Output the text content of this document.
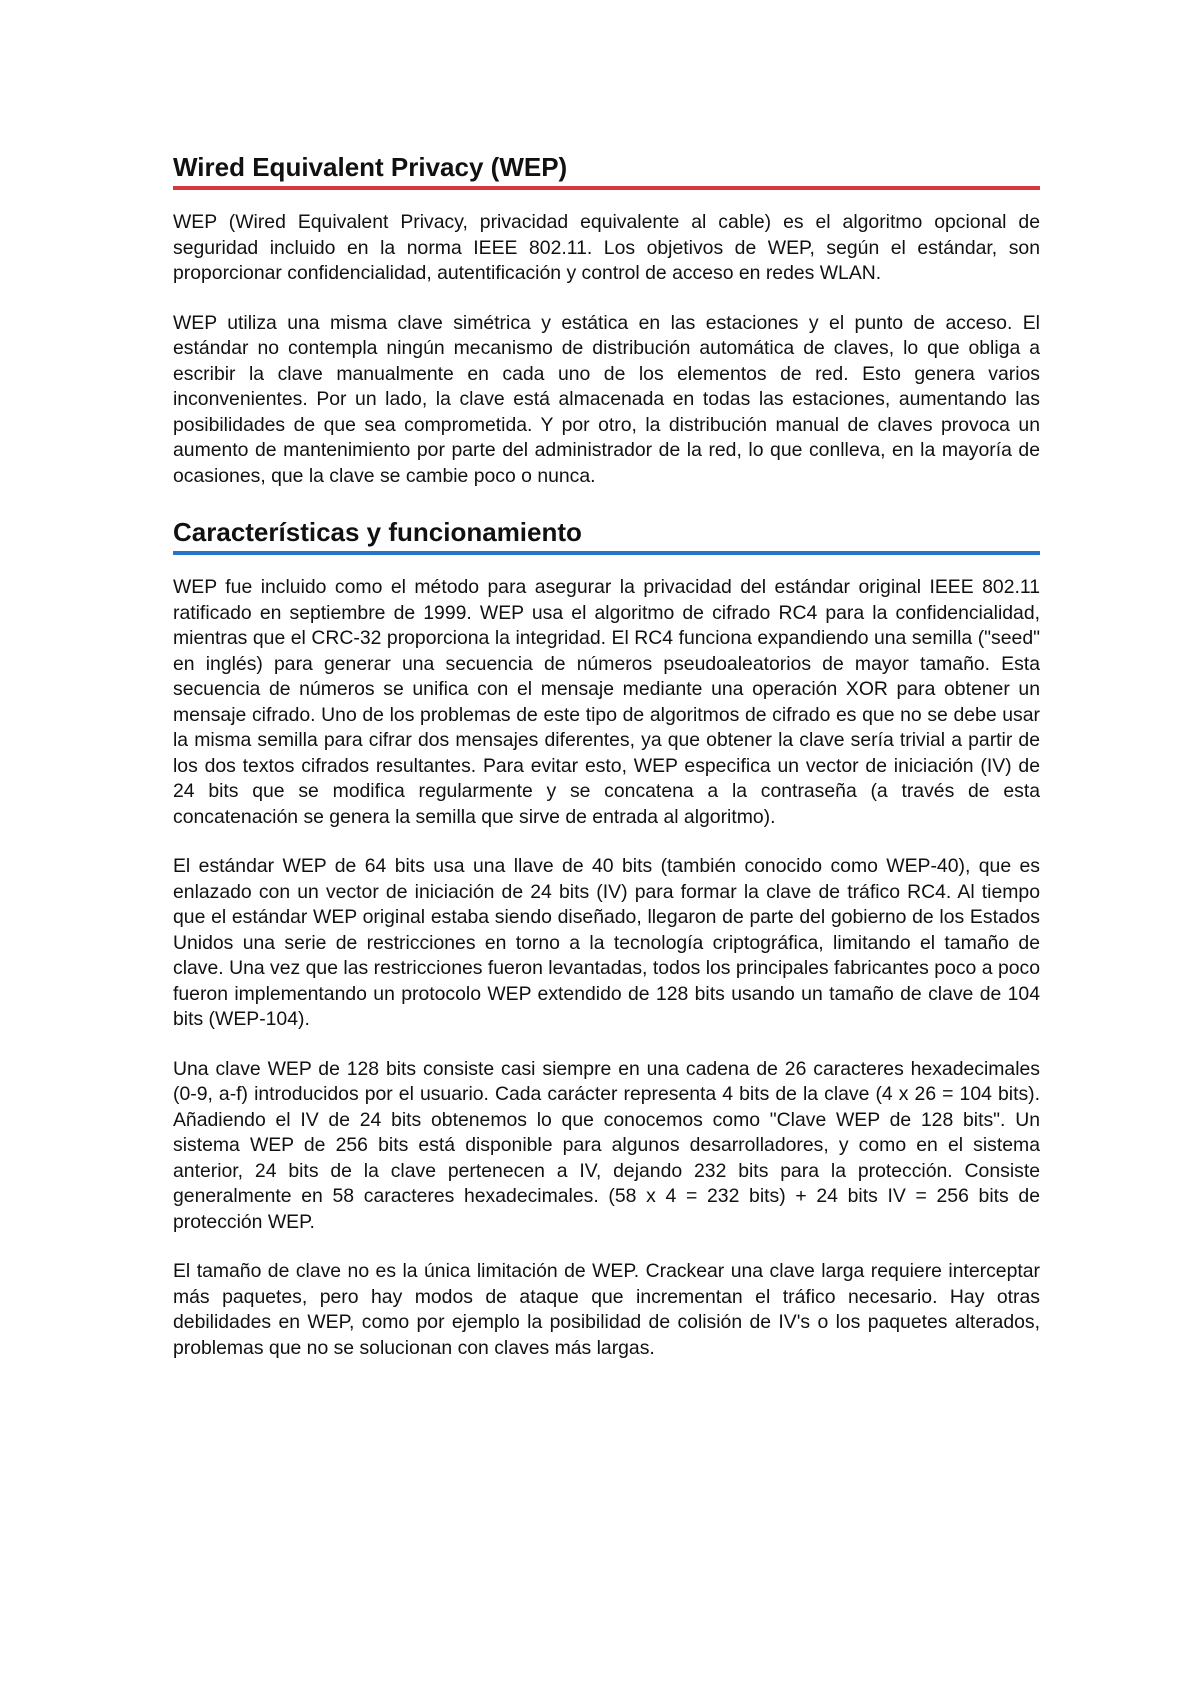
Wired Equivalent Privacy (WEP)

WEP (Wired Equivalent Privacy, privacidad equivalente al cable) es el algoritmo opcional de seguridad incluido en la norma IEEE 802.11. Los objetivos de WEP, según el estándar, son proporcionar confidencialidad, autentificación y control de acceso en redes WLAN.

WEP utiliza una misma clave simétrica y estática en las estaciones y el punto de acceso. El estándar no contempla ningún mecanismo de distribución automática de claves, lo que obliga a escribir la clave manualmente en cada uno de los elementos de red. Esto genera varios inconvenientes. Por un lado, la clave está almacenada en todas las estaciones, aumentando las posibilidades de que sea comprometida. Y por otro, la distribución manual de claves provoca un aumento de mantenimiento por parte del administrador de la red, lo que conlleva, en la mayoría de ocasiones, que la clave se cambie poco o nunca.

Características y funcionamiento

WEP fue incluido como el método para asegurar la privacidad del estándar original IEEE 802.11 ratificado en septiembre de 1999. WEP usa el algoritmo de cifrado RC4 para la confidencialidad, mientras que el CRC-32 proporciona la integridad. El RC4 funciona expandiendo una semilla ("seed" en inglés) para generar una secuencia de números pseudoaleatorios de mayor tamaño. Esta secuencia de números se unifica con el mensaje mediante una operación XOR para obtener un mensaje cifrado. Uno de los problemas de este tipo de algoritmos de cifrado es que no se debe usar la misma semilla para cifrar dos mensajes diferentes, ya que obtener la clave sería trivial a partir de los dos textos cifrados resultantes. Para evitar esto, WEP especifica un vector de iniciación (IV) de 24 bits que se modifica regularmente y se concatena a la contraseña (a través de esta concatenación se genera la semilla que sirve de entrada al algoritmo).

El estándar WEP de 64 bits usa una llave de 40 bits (también conocido como WEP-40), que es enlazado con un vector de iniciación de 24 bits (IV) para formar la clave de tráfico RC4. Al tiempo que el estándar WEP original estaba siendo diseñado, llegaron de parte del gobierno de los Estados Unidos una serie de restricciones en torno a la tecnología criptográfica, limitando el tamaño de clave. Una vez que las restricciones fueron levantadas, todos los principales fabricantes poco a poco fueron implementando un protocolo WEP extendido de 128 bits usando un tamaño de clave de 104 bits (WEP-104).

Una clave WEP de 128 bits consiste casi siempre en una cadena de 26 caracteres hexadecimales (0-9, a-f) introducidos por el usuario. Cada carácter representa 4 bits de la clave (4 x 26 = 104 bits). Añadiendo el IV de 24 bits obtenemos lo que conocemos como "Clave WEP de 128 bits". Un sistema WEP de 256 bits está disponible para algunos desarrolladores, y como en el sistema anterior, 24 bits de la clave pertenecen a IV, dejando 232 bits para la protección. Consiste generalmente en 58 caracteres hexadecimales. (58 x 4 = 232 bits) + 24 bits IV = 256 bits de protección WEP.

El tamaño de clave no es la única limitación de WEP. Crackear una clave larga requiere interceptar más paquetes, pero hay modos de ataque que incrementan el tráfico necesario. Hay otras debilidades en WEP, como por ejemplo la posibilidad de colisión de IV's o los paquetes alterados, problemas que no se solucionan con claves más largas.
